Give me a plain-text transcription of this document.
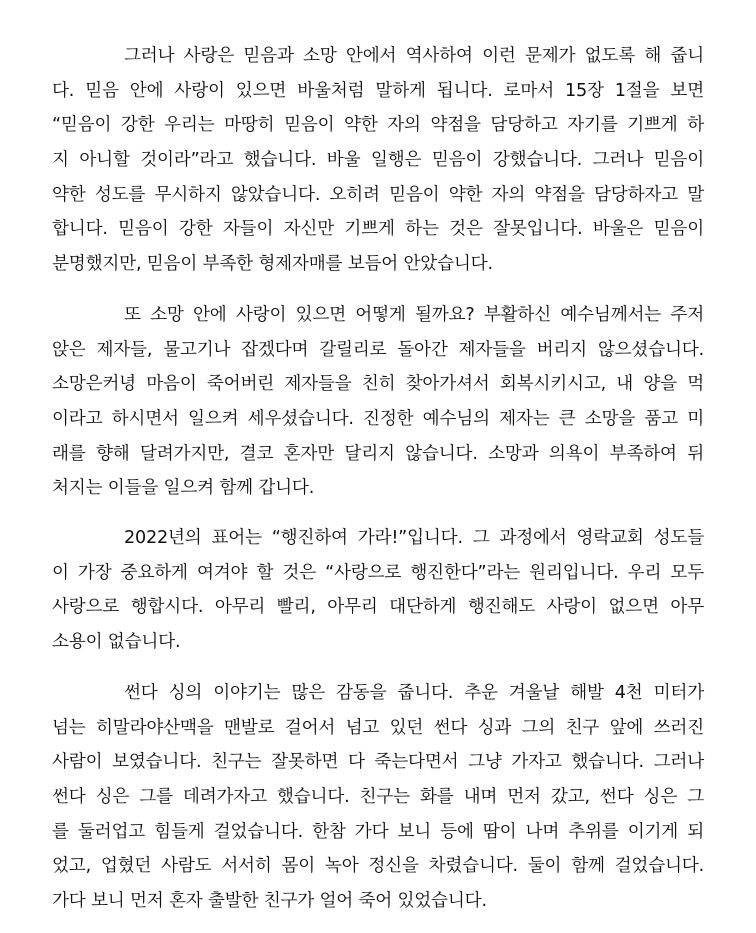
그러나 사랑은 믿음과 소망 안에서 역사하여 이런 문제가 없도록 해 줍니
다. 믿음 안에 사랑이 있으면 바울처럼 말하게 됩니다. 로마서 15장 1절을 보면
“믿음이 강한 우리는 마땅히 믿음이 약한 자의 약점을 담당하고 자기를 기쁘게 하
지 아니할 것이라”라고 했습니다. 바울 일행은 믿음이 강했습니다. 그러나 믿음이
약한 성도를 무시하지 않았습니다. 오히려 믿음이 약한 자의 약점을 담당하자고 말
합니다. 믿음이 강한 자들이 자신만 기쁘게 하는 것은 잘못입니다. 바울은 믿음이
분명했지만, 믿음이 부족한 형제자매를 보듬어 안았습니다.
또 소망 안에 사랑이 있으면 어떻게 될까요? 부활하신 예수님께서는 주저
앉은 제자들, 물고기나 잡겠다며 갈릴리로 돌아간 제자들을 버리지 않으셨습니다.
소망은커녕 마음이 죽어버린 제자들을 친히 찾아가셔서 회복시키시고, 내 양을 먹
이라고 하시면서 일으켜 세우셨습니다. 진정한 예수님의 제자는 큰 소망을 품고 미
래를 향해 달려가지만, 결코 혼자만 달리지 않습니다. 소망과 의욕이 부족하여 뒤
처지는 이들을 일으켜 함께 갑니다.
2022년의 표어는 “행진하여 가라!”입니다. 그 과정에서 영락교회 성도들
이 가장 중요하게 여겨야 할 것은 “사랑으로 행진한다”라는 원리입니다. 우리 모두
사랑으로 행합시다. 아무리 빨리, 아무리 대단하게 행진해도 사랑이 없으면 아무
소용이 없습니다.
썬다 싱의 이야기는 많은 감동을 줍니다. 추운 겨울날 해발 4천 미터가
넘는 히말라야산맥을 맨발로 걸어서 넘고 있던 썬다 싱과 그의 친구 앞에 쓰러진
사람이 보였습니다. 친구는 잘못하면 다 죽는다면서 그냥 가자고 했습니다. 그러나
썬다 싱은 그를 데려가자고 했습니다. 친구는 화를 내며 먼저 갔고, 썬다 싱은 그
를 둘러업고 힘들게 걸었습니다. 한참 가다 보니 등에 땀이 나며 추위를 이기게 되
었고, 업혔던 사람도 서서히 몸이 녹아 정신을 차렸습니다. 둘이 함께 걸었습니다.
가다 보니 먼저 혼자 출발한 친구가 얼어 죽어 있었습니다.
